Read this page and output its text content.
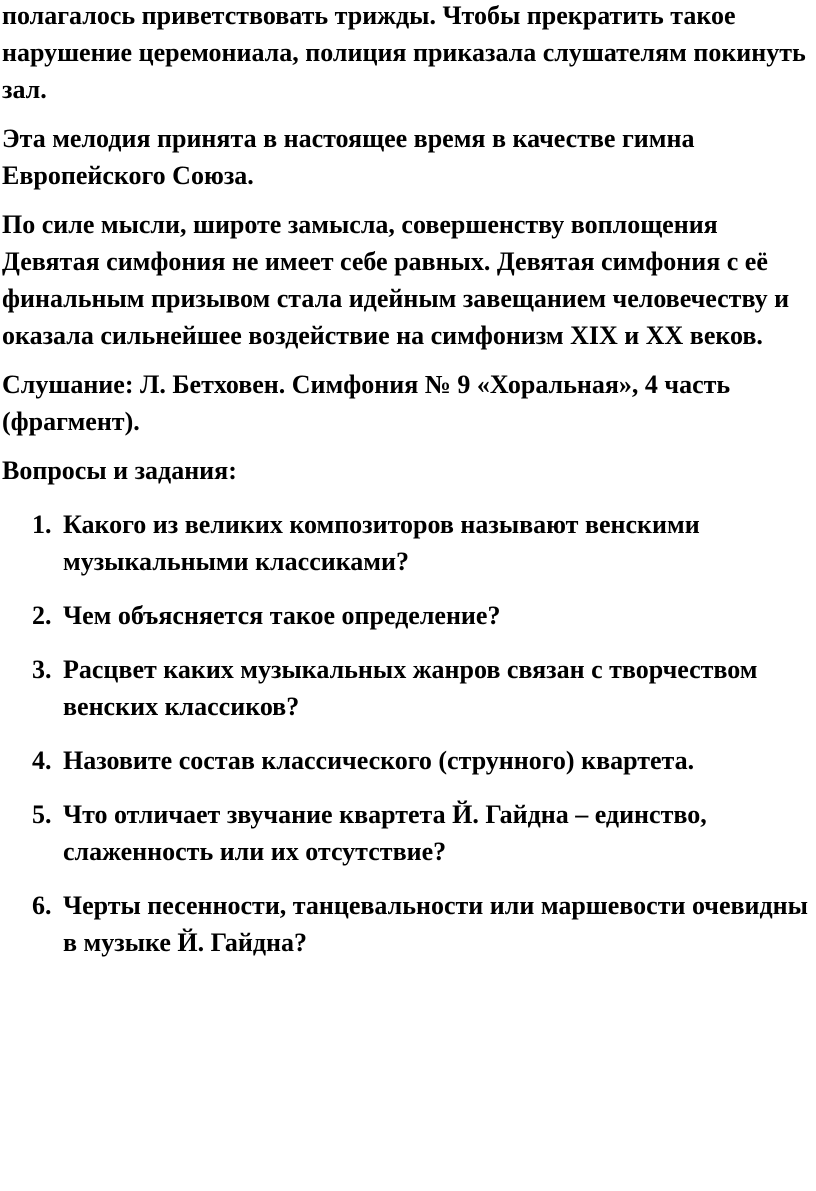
полагалось приветствовать трижды. Чтобы прекратить такое нарушение церемониала, полиция приказала слушателям покинуть зал.

Эта мелодия принята в настоящее время в качестве гимна Европейского Союза.

По силе мысли, широте замысла, совершенству воплощения Девятая симфония не имеет себе равных. Девятая симфония с её финальным призывом стала идейным завещанием человечеству и оказала сильнейшее воздействие на симфонизм XIX и XX веков.

Слушание: Л. Бетховен. Симфония № 9 «Хоральная», 4 часть (фрагмент).

Вопросы и задания:

1. Какого из великих композиторов называют венскими музыкальными классиками?
2. Чем объясняется такое определение?
3. Расцвет каких музыкальных жанров связан с творчеством венских классиков?
4. Назовите состав классического (струнного) квартета.
5. Что отличает звучание квартета Й. Гайдна – единство, слаженность или их отсутствие?
6. Черты песенности, танцевальности или маршевости очевидны в музыке Й. Гайдна?
